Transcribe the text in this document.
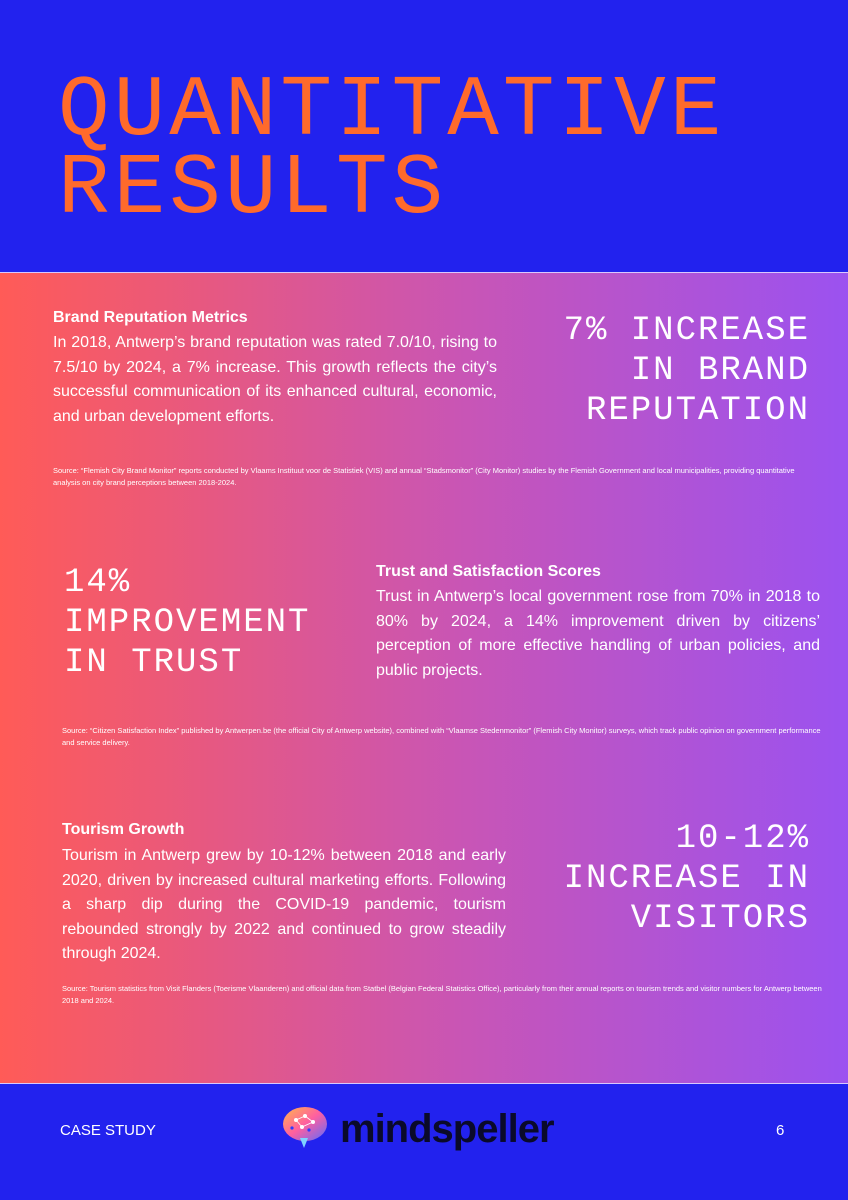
QUANTITATIVE
RESULTS
Brand Reputation Metrics

In 2018, Antwerp’s brand reputation was rated 7.0/10, rising to 7.5/10 by 2024, a 7% increase. This growth reflects the city’s successful communication of its enhanced cultural, economic, and urban development efforts.

7% INCREASE
IN BRAND
REPUTATION

Source: “Flemish City Brand Monitor” reports conducted by Vlaams Instituut voor de Statistiek (VIS) and annual “Stadsmonitor” (City Monitor) studies by the Flemish Government and local municipalities, providing quantitative analysis on city brand perceptions between 2018-2024.

14%
IMPROVEMENT
IN TRUST
Trust and Satisfaction Scores

Trust in Antwerp’s local government rose from 70% in 2018 to 80% by 2024, a 14% improvement driven by citizens’ perception of more effective handling of urban policies, and public projects.

Source: “Citizen Satisfaction Index” published by Antwerpen.be (the official City of Antwerp website), combined with “Vlaamse Stedenmonitor” (Flemish City Monitor) surveys, which track public opinion on government performance and service delivery.

Tourism Growth

Tourism in Antwerp grew by 10-12% between 2018 and early 2020, driven by increased cultural marketing efforts. Following a sharp dip during the COVID-19 pandemic, tourism rebounded strongly by 2022 and continued to grow steadily through 2024.

10-12%
INCREASE IN
VISITORS

Source: Tourism statistics from Visit Flanders (Toerisme Vlaanderen) and official data from Statbel (Belgian Federal Statistics Office), particularly from their annual reports on tourism trends and visitor numbers for Antwerp between 2018 and 2024.

CASE STUDY	mindspeller	6
